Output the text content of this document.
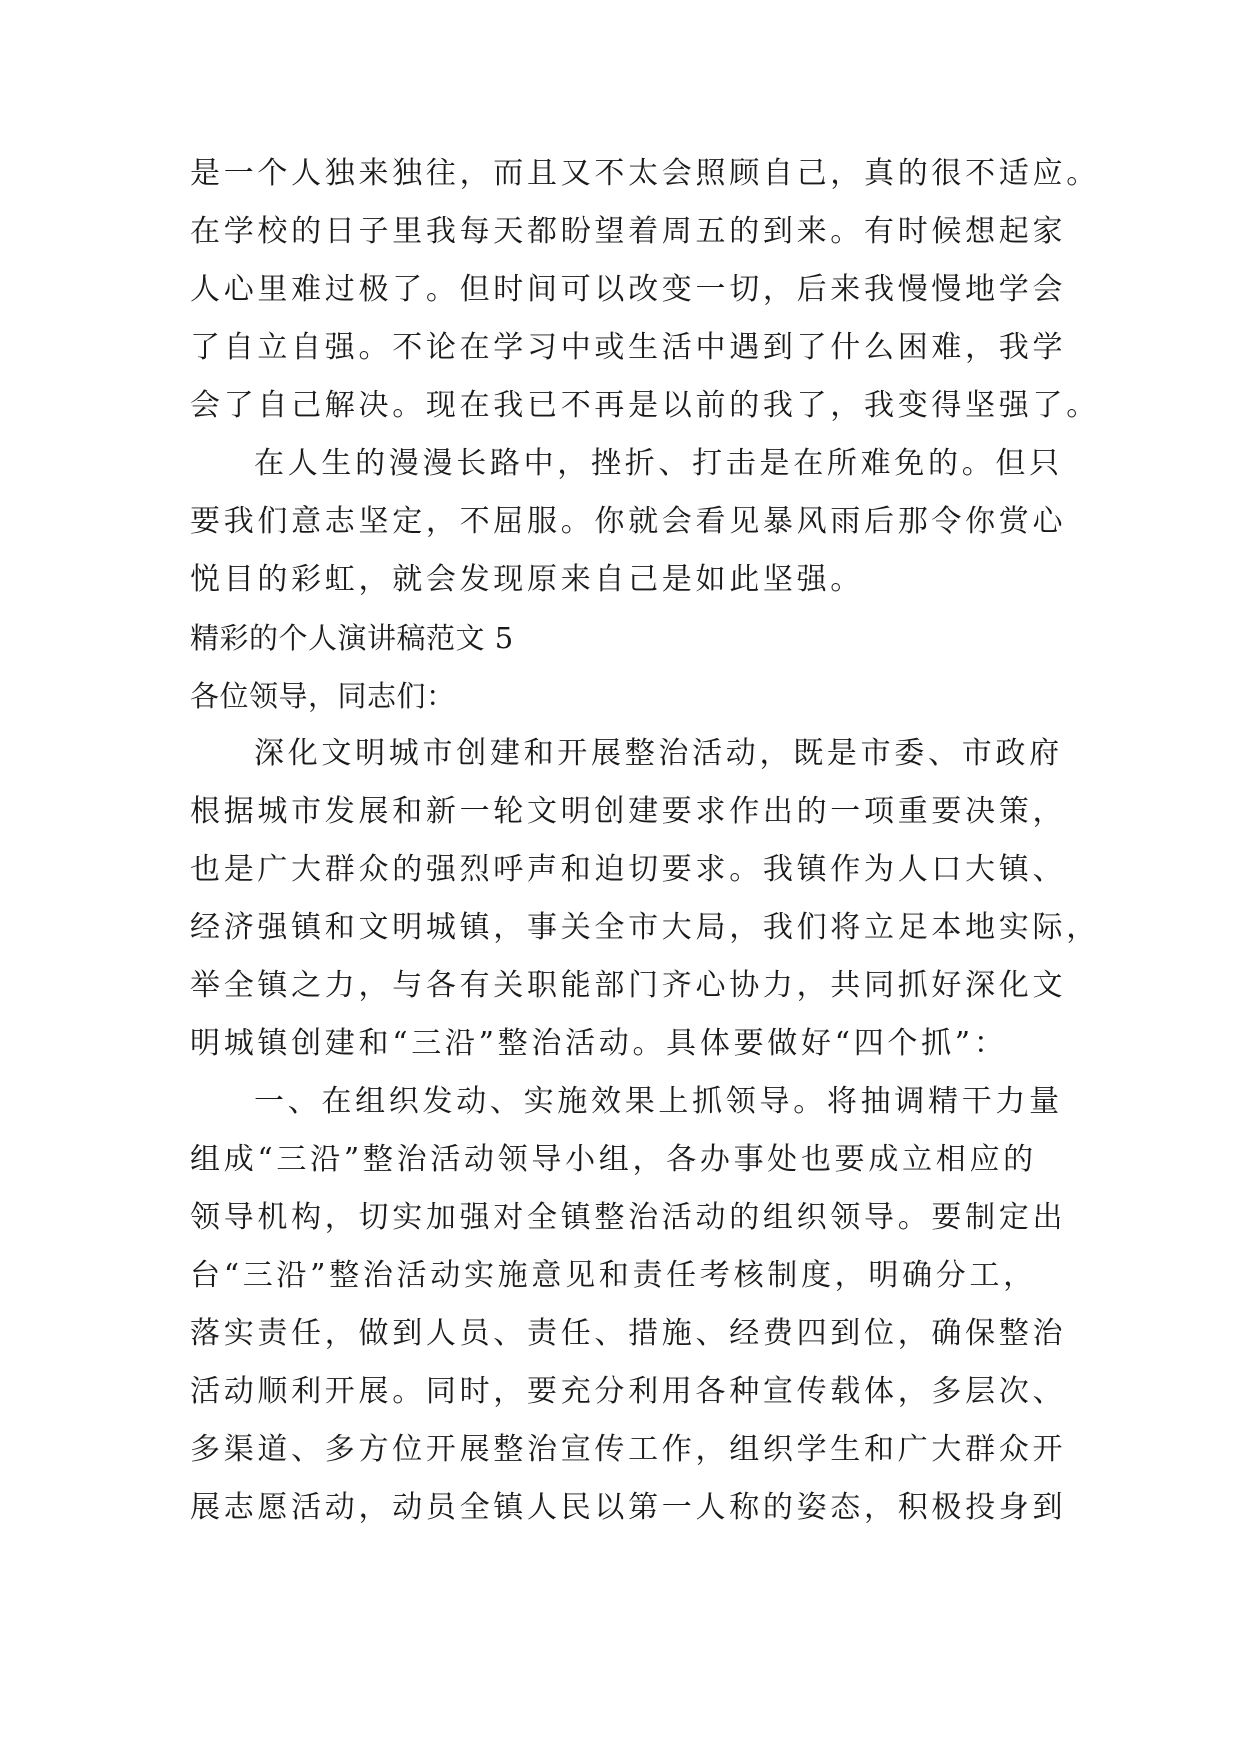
是一个人独来独往，而且又不太会照顾自己，真的很不适应。
在学校的日子里我每天都盼望着周五的到来。有时候想起家
人心里难过极了。但时间可以改变一切，后来我慢慢地学会
了自立自强。不论在学习中或生活中遇到了什么困难，我学
会了自己解决。现在我已不再是以前的我了，我变得坚强了。
在人生的漫漫长路中，挫折、打击是在所难免的。但只
要我们意志坚定，不屈服。你就会看见暴风雨后那令你赏心
悦目的彩虹，就会发现原来自己是如此坚强。
精彩的个人演讲稿范文 5
各位领导，同志们：
深化文明城市创建和开展整治活动，既是市委、市政府
根据城市发展和新一轮文明创建要求作出的一项重要决策，
也是广大群众的强烈呼声和迫切要求。我镇作为人口大镇、
经济强镇和文明城镇，事关全市大局，我们将立足本地实际，
举全镇之力，与各有关职能部门齐心协力，共同抓好深化文
明城镇创建和“三沿”整治活动。具体要做好“四个抓”：
一、在组织发动、实施效果上抓领导。将抽调精干力量
组成“三沿”整治活动领导小组，各办事处也要成立相应的
领导机构，切实加强对全镇整治活动的组织领导。要制定出
台“三沿”整治活动实施意见和责任考核制度，明确分工，
落实责任，做到人员、责任、措施、经费四到位，确保整治
活动顺利开展。同时，要充分利用各种宣传载体，多层次、
多渠道、多方位开展整治宣传工作，组织学生和广大群众开
展志愿活动，动员全镇人民以第一人称的姿态，积极投身到
